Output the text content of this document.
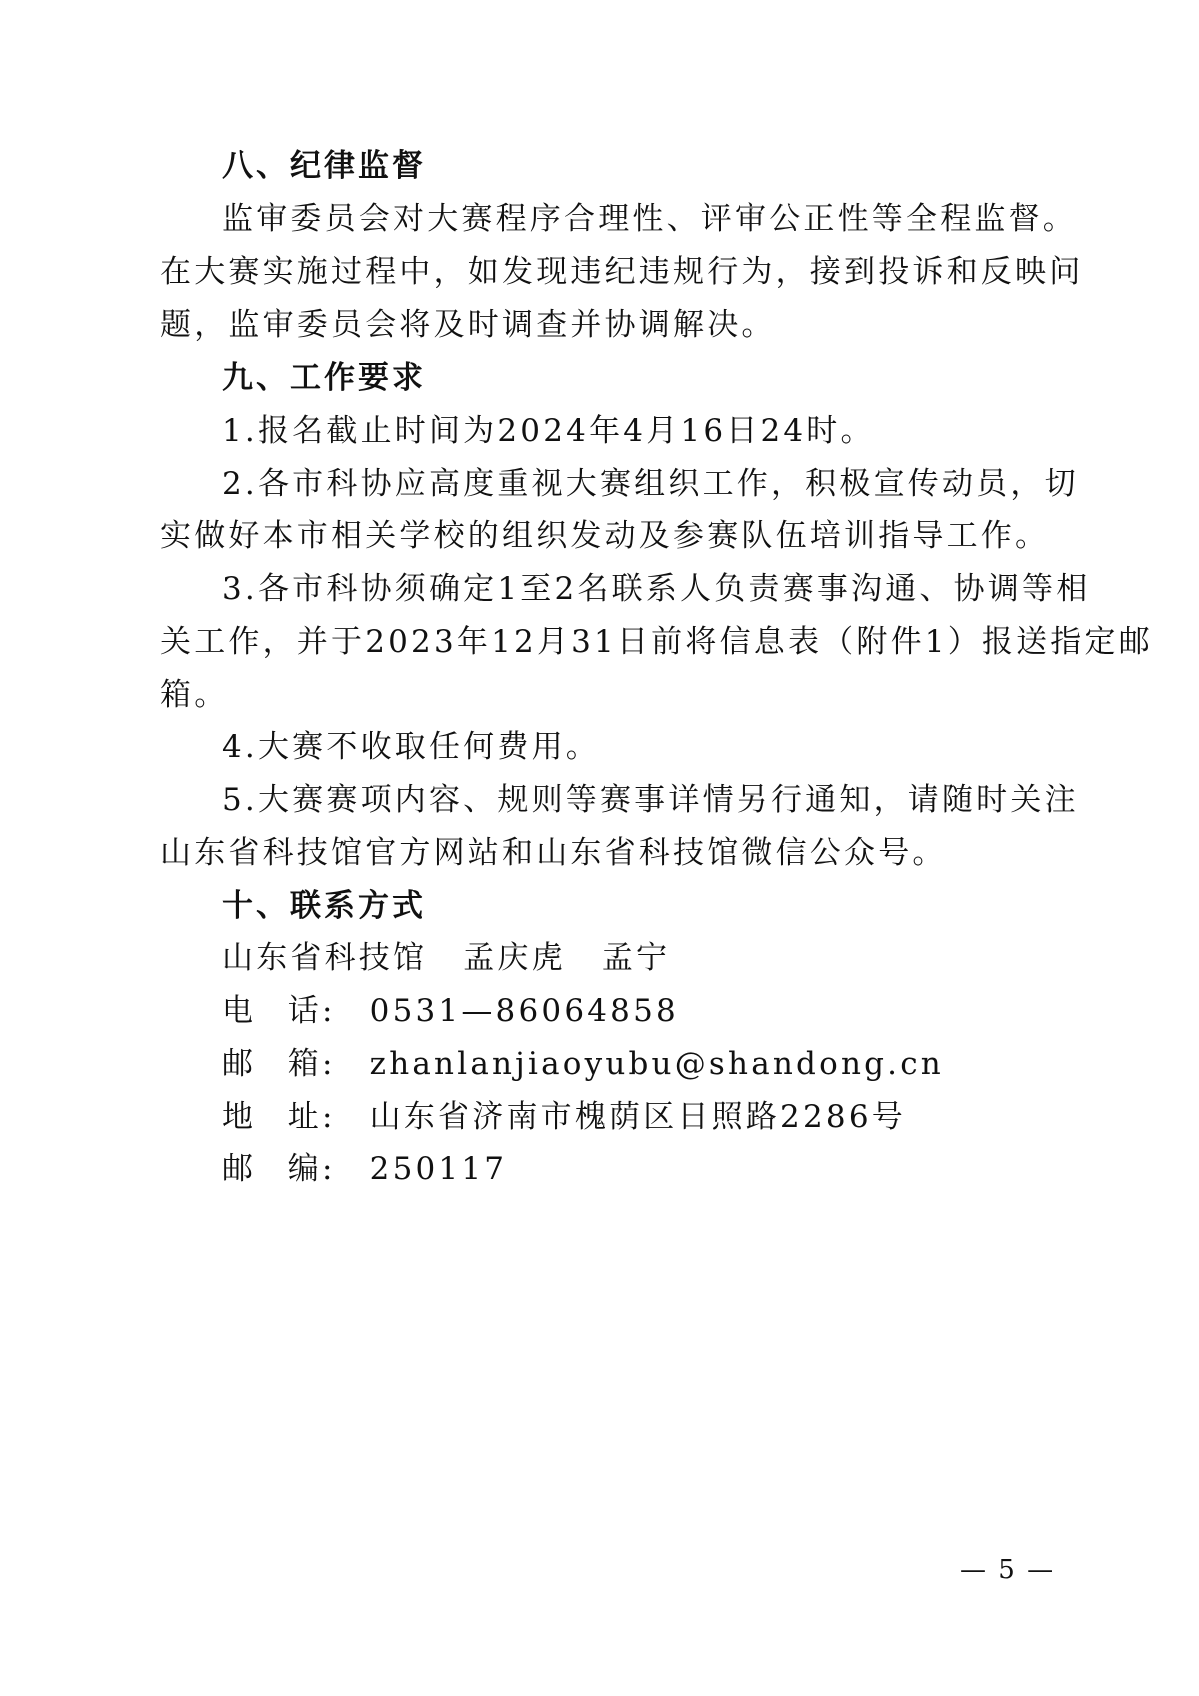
八、纪律监督
监审委员会对大赛程序合理性、评审公正性等全程监督。
在大赛实施过程中，如发现违纪违规行为，接到投诉和反映问
题，监审委员会将及时调查并协调解决。
九、工作要求
1.报名截止时间为2024年4月16日24时。
2.各市科协应高度重视大赛组织工作，积极宣传动员，切
实做好本市相关学校的组织发动及参赛队伍培训指导工作。
3.各市科协须确定1至2名联系人负责赛事沟通、协调等相
关工作，并于2023年12月31日前将信息表（附件1）报送指定邮
箱。
4.大赛不收取任何费用。
5.大赛赛项内容、规则等赛事详情另行通知，请随时关注
山东省科技馆官方网站和山东省科技馆微信公众号。
十、联系方式
山东省科技馆 孟庆虎 孟宁
电话: 0531—86064858
邮箱: zhanlanjiaoyubu@shandong.cn
地址: 山东省济南市槐荫区日照路2286号
邮编: 250117
— 5 —
